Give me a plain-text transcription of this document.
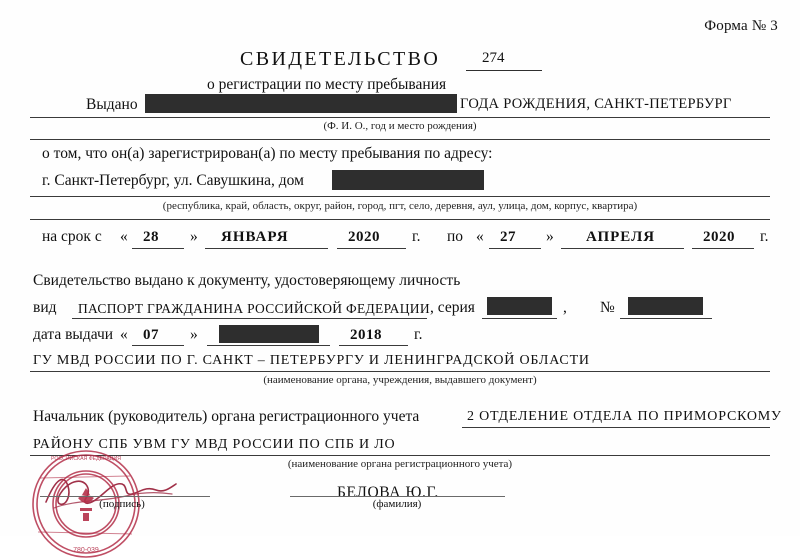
Форма № 3
СВИДЕТЕЛЬСТВО	274
о регистрации по месту пребывания
Выдано	ГОДА РОЖДЕНИЯ, САНКТ-ПЕТЕРБУРГ
(Ф. И. О., год и место рождения)
о том, что он(а) зарегистрирован(а) по месту пребывания по адресу:
г. Санкт-Петербург, ул. Савушкина, дом
(республика, край, область, округ, район, город, пгт, село, деревня, аул, улица, дом, корпус, квартира)
на срок с « 28 » ЯНВАРЯ	2020 г. по « 27 » АПРЕЛЯ	2020 г.
Свидетельство выдано к документу, удостоверяющему личность
вид ПАСПОРТ ГРАЖДАНИНА РОССИЙСКОЙ ФЕДЕРАЦИИ , серия	, №
дата выдачи « 07 »	2018 г.
ГУ МВД РОССИИ ПО Г. САНКТ – ПЕТЕРБУРГУ И ЛЕНИНГРАДСКОЙ ОБЛАСТИ
(наименование органа, учреждения, выдавшего документ)
Начальник (руководитель) органа регистрационного учета	2 ОТДЕЛЕНИЕ ОТДЕЛА ПО ПРИМОРСКОМУ
РАЙОНУ СПБ УВМ ГУ МВД РОССИИ ПО СПБ И ЛО
(наименование органа регистрационного учета)
РОССИЙСКАЯ ФЕДЕРАЦИЯ
780-039
(подпись)
БЕЛОВА Ю.Г.
(фамилия)
